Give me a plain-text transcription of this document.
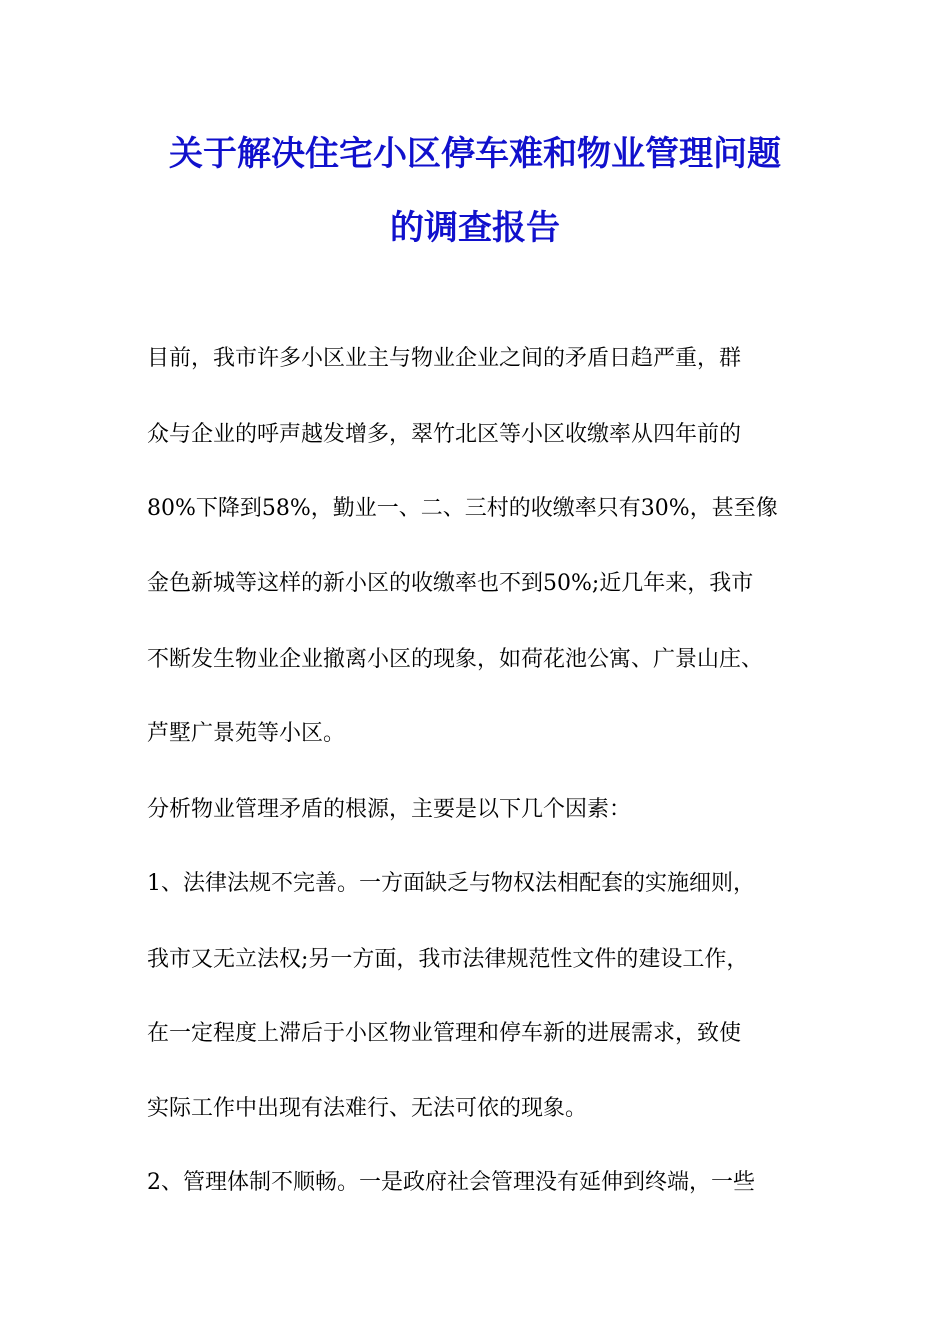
关于解决住宅小区停车难和物业管理问题
的调查报告

目前，我市许多小区业主与物业企业之间的矛盾日趋严重，群

众与企业的呼声越发增多，翠竹北区等小区收缴率从四年前的

80%下降到58%，勤业一、二、三村的收缴率只有30%，甚至像

金色新城等这样的新小区的收缴率也不到50%;近几年来，我市

不断发生物业企业撤离小区的现象，如荷花池公寓、广景山庄、

芦墅广景苑等小区。

分析物业管理矛盾的根源，主要是以下几个因素：

1、法律法规不完善。一方面缺乏与物权法相配套的实施细则，

我市又无立法权;另一方面，我市法律规范性文件的建设工作，

在一定程度上滞后于小区物业管理和停车新的进展需求，致使

实际工作中出现有法难行、无法可依的现象。

2、管理体制不顺畅。一是政府社会管理没有延伸到终端，一些
